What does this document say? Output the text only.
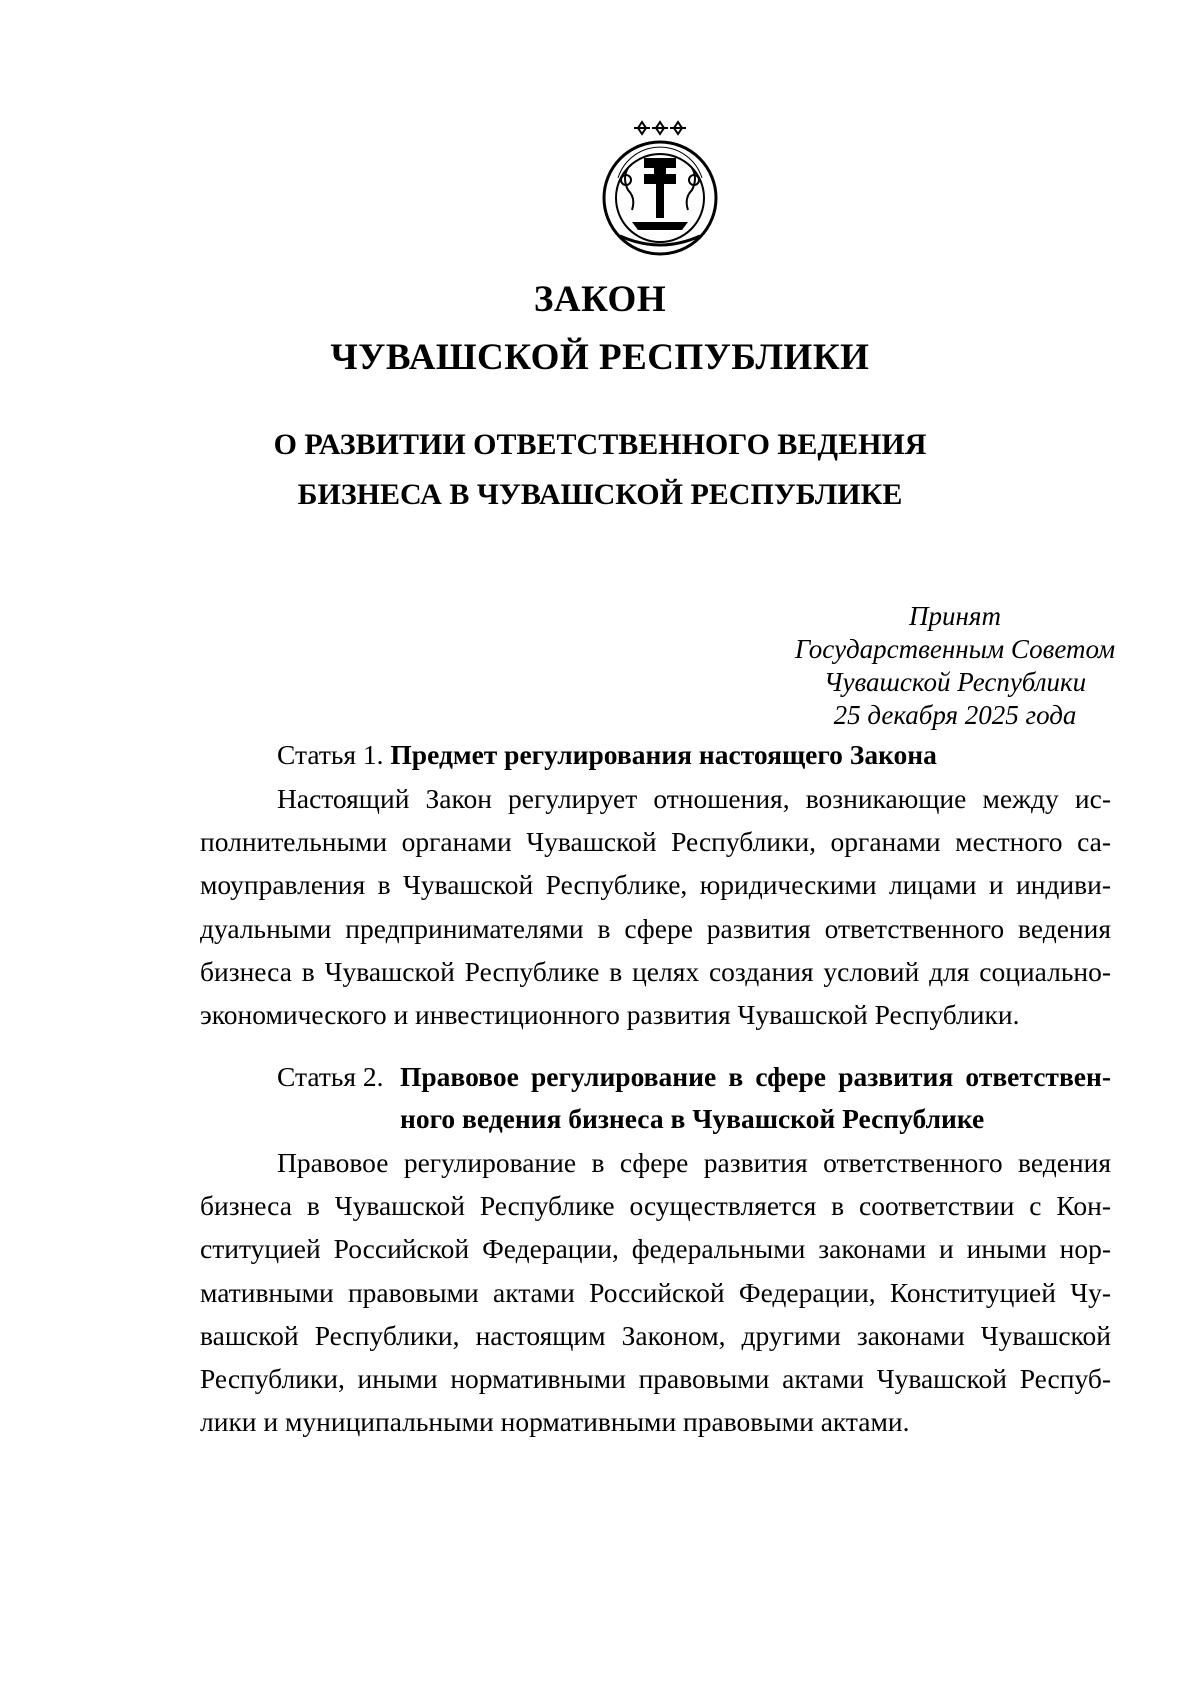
ЗАКОН
ЧУВАШСКОЙ РЕСПУБЛИКИ
О РАЗВИТИИ ОТВЕТСТВЕННОГО ВЕДЕНИЯ
БИЗНЕСА В ЧУВАШСКОЙ РЕСПУБЛИКЕ
Принят
Государственным Советом
Чувашской Республики
25 декабря 2025 года
Статья 1. Предмет регулирования настоящего Закона
Настоящий Закон регулирует отношения, возникающие между ис-
полнительными органами Чувашской Республики, органами местного са-
моуправления в Чувашской Республике, юридическими лицами и индиви-
дуальными предпринимателями в сфере развития ответственного ведения
бизнеса в Чувашской Республике в целях создания условий для социально-
экономического и инвестиционного развития Чувашской Республики.
Статья 2. Правовое регулирование в сфере развития ответствен-
ного ведения бизнеса в Чувашской Республике
Правовое регулирование в сфере развития ответственного ведения
бизнеса в Чувашской Республике осуществляется в соответствии с Кон-
ституцией Российской Федерации, федеральными законами и иными нор-
мативными правовыми актами Российской Федерации, Конституцией Чу-
вашской Республики, настоящим Законом, другими законами Чувашской
Республики, иными нормативными правовыми актами Чувашской Респуб-
лики и муниципальными нормативными правовыми актами.
